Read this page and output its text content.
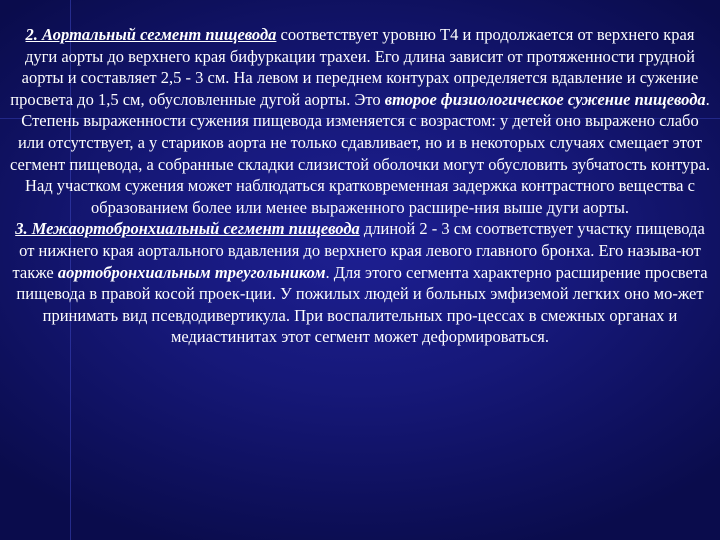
2. Аортальный сегмент пищевода соответствует уровню Т4 и продолжается от верхнего края дуги аорты до верхнего края бифуркации трахеи. Его длина зависит от протяженности грудной аорты и составляет 2,5 - 3 см. На левом и переднем контурах определяется вдавление и сужение просвета до 1,5 см, обусловленные дугой аорты. Это второе физиологическое сужение пищевода. Степень выраженности сужения пищевода изменяется с возрастом: у детей оно выражено слабо или отсутствует, а у стариков аорта не только сдавливает, но и в некоторых случаях смещает этот сегмент пищевода, а собранные складки слизистой оболочки могут обусловить зубчатость контура. Над участком сужения может наблюдаться кратковременная задержка контрастного вещества с образованием более или менее выраженного расшире-ния выше дуги аорты.

3. Межаортобронхиальный сегмент пищевода длиной 2 - 3 см соответствует участку пищевода от нижнего края аортального вдавления до верхнего края левого главного бронха. Его называ-ют также аортобронхиальным треугольником. Для этого сегмента характерно расширение просвета пищевода в правой косой проек-ции. У пожилых людей и больных эмфиземой легких оно мо-жет принимать вид псевдодивертикула. При воспалительных про-цессах в смежных органах и медиастинитах этот сегмент может деформироваться.
